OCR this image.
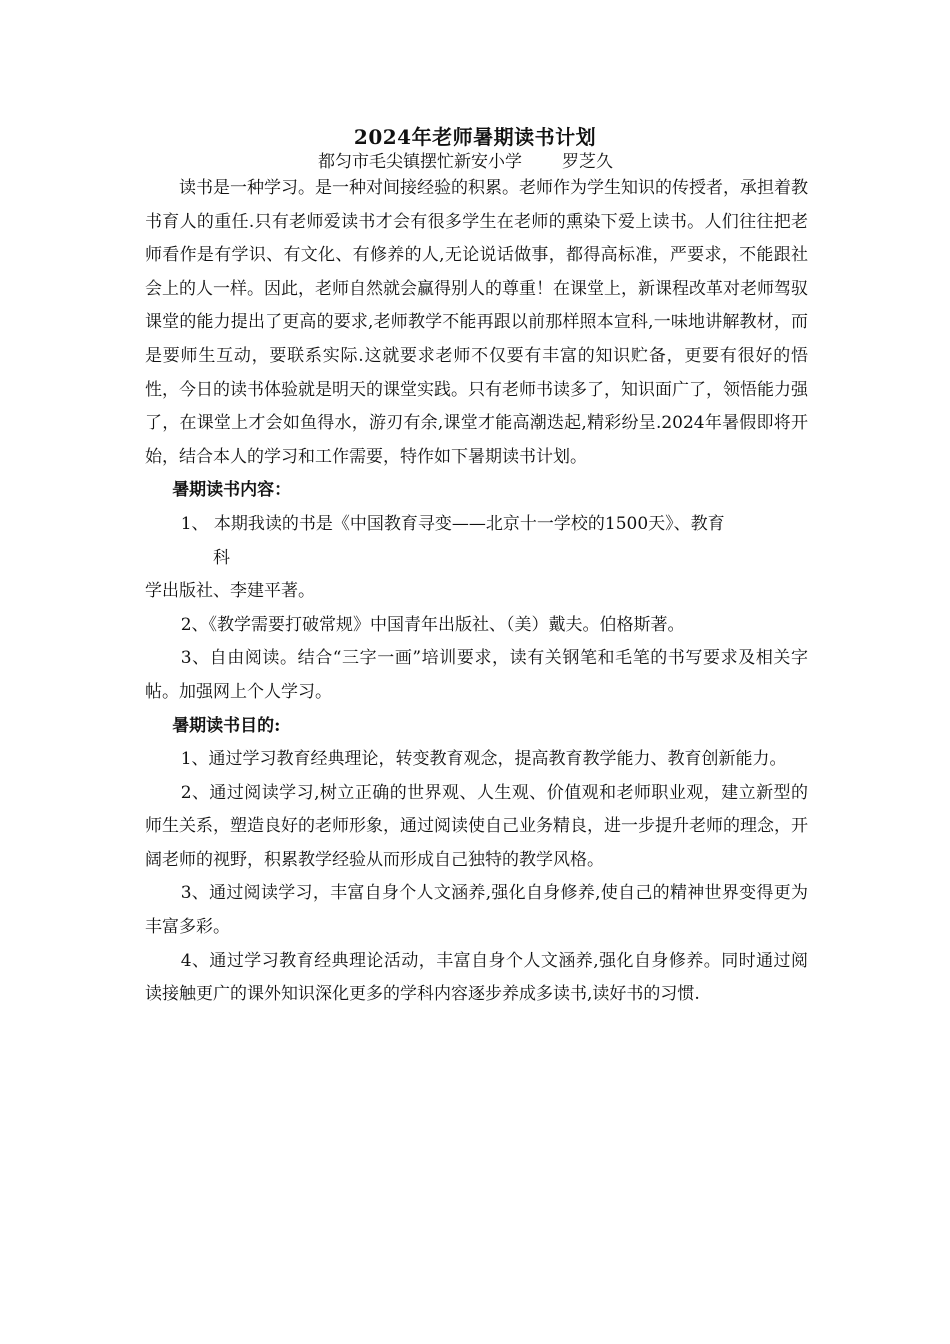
2024年老师暑期读书计划
都匀市毛尖镇摆忙新安小学 罗芝久

读书是一种学习。是一种对间接经验的积累。老师作为学生知识的传授者，承担着教书育人的重任.只有老师爱读书才会有很多学生在老师的熏染下爱上读书。人们往往把老师看作是有学识、有文化、有修养的人,无论说话做事，都得高标准，严要求，不能跟社会上的人一样。因此，老师自然就会赢得别人的尊重！在课堂上，新课程改革对老师驾驭课堂的能力提出了更高的要求,老师教学不能再跟以前那样照本宣科,一味地讲解教材，而是要师生互动，要联系实际.这就要求老师不仅要有丰富的知识贮备，更要有很好的悟性，今日的读书体验就是明天的课堂实践。只有老师书读多了，知识面广了，领悟能力强了，在课堂上才会如鱼得水，游刃有余,课堂才能高潮迭起,精彩纷呈.2024年暑假即将开始，结合本人的学习和工作需要，特作如下暑期读书计划。

暑期读书内容：

1、 本期我读的书是《中国教育寻变——北京十一学校的1500天》、教育

科

学出版社、李建平著。

2、《教学需要打破常规》中国青年出版社、（美）戴夫。伯格斯著。

3、自由阅读。结合“三字一画”培训要求，读有关钢笔和毛笔的书写要求及相关字帖。加强网上个人学习。

暑期读书目的:

1、通过学习教育经典理论，转变教育观念，提高教育教学能力、教育创新能力。

2、通过阅读学习,树立正确的世界观、人生观、价值观和老师职业观，建立新型的师生关系，塑造良好的老师形象，通过阅读使自己业务精良，进一步提升老师的理念，开阔老师的视野，积累教学经验从而形成自己独特的教学风格。

3、通过阅读学习，丰富自身个人文涵养,强化自身修养,使自己的精神世界变得更为丰富多彩。

4、通过学习教育经典理论活动，丰富自身个人文涵养,强化自身修养。同时通过阅读接触更广的课外知识深化更多的学科内容逐步养成多读书,读好书的习惯.
